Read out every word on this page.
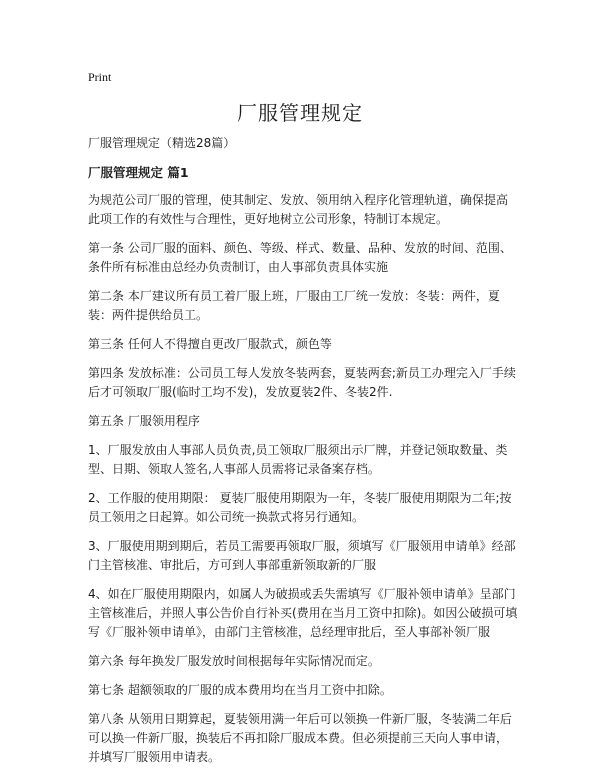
Print
厂服管理规定

厂服管理规定（精选28篇）

厂服管理规定 篇1

为规范公司厂服的管理，使其制定、发放、领用纳入程序化管理轨道，确保提高此项工作的有效性与合理性，更好地树立公司形象，特制订本规定。

第一条 公司厂服的面料、颜色、等级、样式、数量、品种、发放的时间、范围、条件所有标准由总经办负责制订，由人事部负责具体实施

第二条 本厂建议所有员工着厂服上班，厂服由工厂统一发放：冬装：两件，夏装：两件提供给员工。

第三条 任何人不得擅自更改厂服款式，颜色等

第四条 发放标准：公司员工每人发放冬装两套，夏装两套;新员工办理完入厂手续后才可领取厂服(临时工均不发)，发放夏装2件、冬装2件.

第五条 厂服领用程序

1、厂服发放由人事部人员负责,员工领取厂服须出示厂牌，并登记领取数量、类型、日期、领取人签名,人事部人员需将记录备案存档。

2、工作服的使用期限： 夏装厂服使用期限为一年，冬装厂服使用期限为二年;按员工领用之日起算。如公司统一换款式将另行通知。

3、厂服使用期到期后，若员工需要再领取厂服，须填写《厂服领用申请单》经部门主管核准、审批后，方可到人事部重新领取新的厂服

4、如在厂服使用期限内，如属人为破损或丢失需填写《厂服补领申请单》呈部门主管核准后，并照人事公告价自行补买(费用在当月工资中扣除)。如因公破损可填写《厂服补领申请单》，由部门主管核准，总经理审批后，至人事部补领厂服

第六条 每年换发厂服发放时间根据每年实际情况而定。

第七条 超额领取的厂服的成本费用均在当月工资中扣除。

第八条 从领用日期算起，夏装领用满一年后可以领换一件新厂服，冬装满二年后可以换一件新厂服，换装后不再扣除厂服成本费。但必须提前三天向人事申请，并填写厂服领用申请表。
